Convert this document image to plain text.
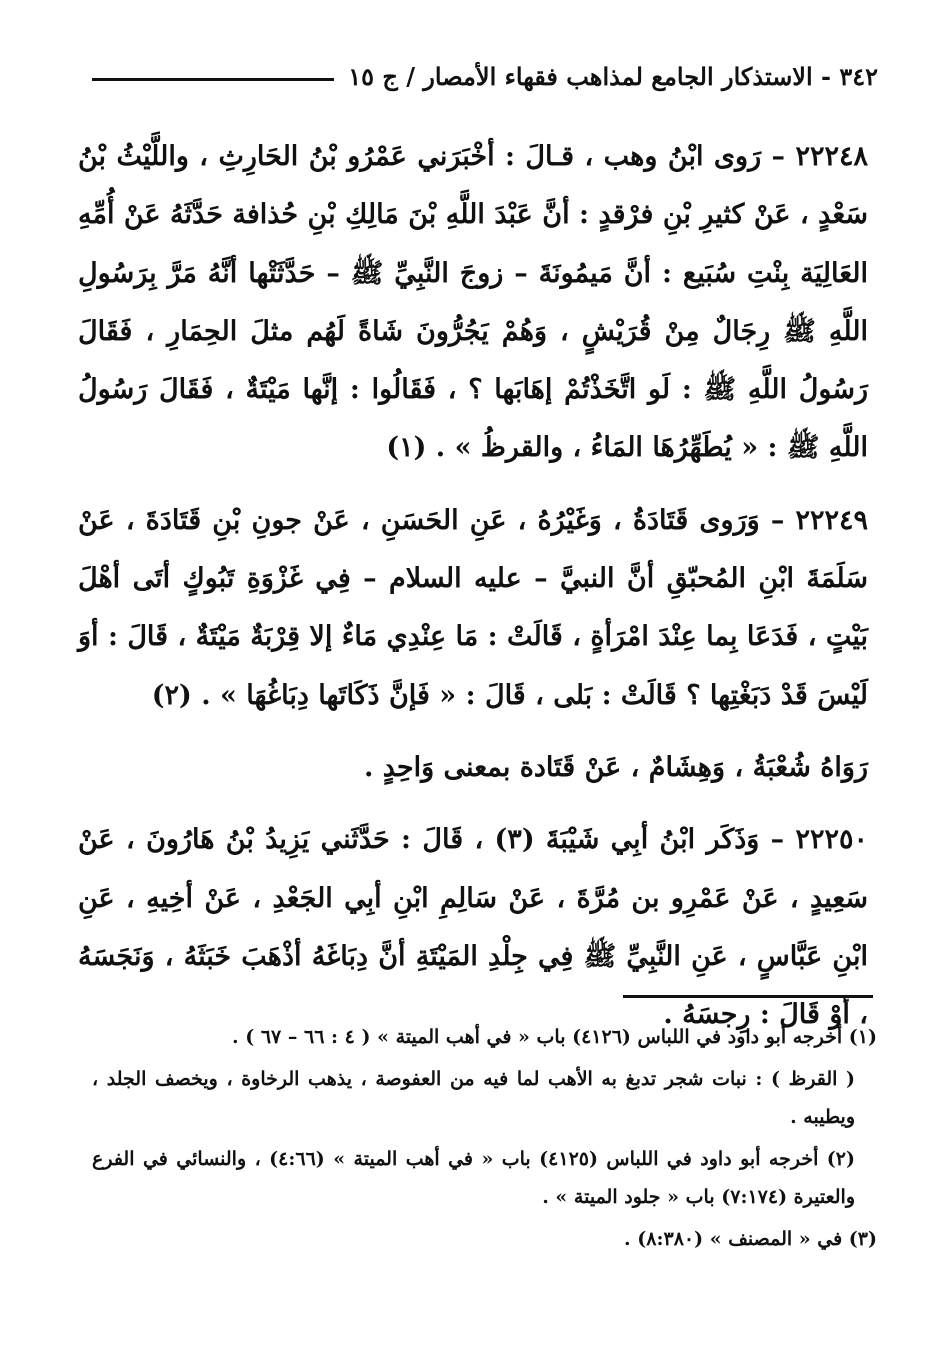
٣٤٢ - الاستذكار الجامع لمذاهب فقهاء الأمصار / ج ١٥

٢٢٢٤٨ – رَوى ابْنُ وهب ، قـالَ : أخْبَرَني عَمْرُو بْنُ الحَارِثِ ، واللَّيْثُ بْنُ سَعْدٍ ، عَنْ كثيرِ بْنِ فرْقدٍ : أنَّ عَبْدَ اللَّهِ بْنَ مَالِكِ بْنِ حُذافة حَدَّثَهُ عَنْ أُمِّهِ العَالِيَة بِنْتِ سُبَيع : أنَّ مَيمُونَةَ – زوجَ النَّبِيِّ ﷺ – حَدَّثَتْها أنَّهُ مَرَّ بِرَسُولِ اللَّهِ ﷺ رِجَالٌ مِنْ قُرَيْشٍ ، وَهُمْ يَجُرُّونَ شَاةً لَهُم مثلَ الحِمَارِ ، فَقَالَ رَسُولُ اللَّهِ ﷺ : لَو اتَّخَذْتُمْ إهَابَها ؟ ، فَقَالُوا : إنَّها مَيْتَةٌ ، فَقَالَ رَسُولُ اللَّهِ ﷺ : « يُطَهِّرُهَا المَاءُ ، والقرظُ » . (١)

٢٢٢٤٩ – وَرَوى قَتَادَةُ ، وَغَيْرُهُ ، عَنِ الحَسَنِ ، عَنْ جونِ بْنِ قَتَادَةَ ، عَنْ سَلَمَةَ ابْنِ المُحبّقِ أنَّ النبيَّ – عليه السلام – فِي غَزْوَةِ تَبُوكٍ أتَى أهْلَ بَيْتٍ ، فَدَعَا بِما عِنْدَ امْرَأةٍ ، قَالَتْ : مَا عِنْدِي مَاءٌ إلا قِرْبَةٌ مَيْتَةٌ ، قَالَ : أوَ لَيْسَ قَدْ دَبَغْتِها ؟ قَالَتْ : بَلى ، قَالَ : « فَإنَّ ذَكَاتَها دِبَاغُهَا » . (٢)

رَوَاهُ شُعْبَةُ ، وَهِشَامٌ ، عَنْ قَتَادة بمعنى وَاحِدٍ .

٢٢٢٥٠ – وَذَكَر ابْنُ أبِي شَيْبَةَ (٣) ، قَالَ : حَدَّثَني يَزِيدُ بْنُ هَارُونَ ، عَنْ سَعِيدٍ ، عَنْ عَمْرِو بن مُرَّةَ ، عَنْ سَالِمِ ابْنِ أبِي الجَعْدِ ، عَنْ أخِيهِ ، عَنِ ابْنِ عَبَّاسٍ ، عَنِ النَّبِيِّ ﷺ فِي جِلْدِ المَيْتَةِ أنَّ دِبَاغَهُ أذْهَبَ خَبَثَهُ ، وَنَجَسَهُ ، أوْ قَالَ : رِجسَهُ .

(١) أخرجه أبو داود في اللباس (٤١٢٦) باب « في أهب الميتة » ( ٤ : ٦٦ – ٦٧ ) .

( القرظ ) : نبات شجر تدبغ به الأهب لما فيه من العفوصة ، يذهب الرخاوة ، ويخصف الجلد ، ويطيبه .

(٢) أخرجه أبو داود في اللباس (٤١٢٥) باب « في أهب الميتة » (٤:٦٦) ، والنسائي في الفرع والعتيرة (٧:١٧٤) باب « جلود الميتة » .

(٣) في « المصنف » (٨:٣٨٠) .
